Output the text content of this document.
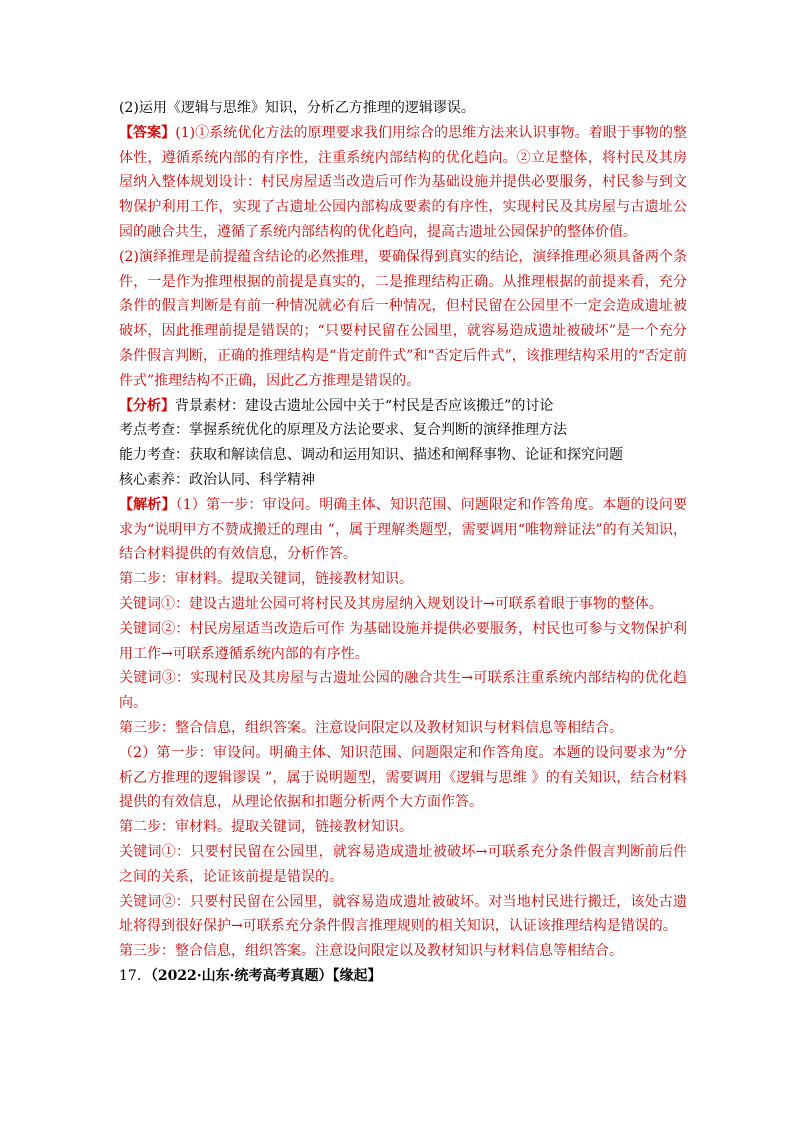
(2)运用《逻辑与思维》知识，分析乙方推理的逻辑谬误。

【答案】(1)①系统优化方法的原理要求我们用综合的思维方法来认识事物。着眼于事物的整体性，遵循系统内部的有序性，注重系统内部结构的优化趋向。②立足整体，将村民及其房屋纳入整体规划设计：村民房屋适当改造后可作为基础设施并提供必要服务，村民参与到文物保护利用工作，实现了古遗址公园内部构成要素的有序性，实现村民及其房屋与古遗址公园的融合共生，遵循了系统内部结构的优化趋向，提高古遗址公园保护的整体价值。

(2)演绎推理是前提蕴含结论的必然推理，要确保得到真实的结论，演绎推理必须具备两个条件，一是作为推理根据的前提是真实的，二是推理结构正确。从推理根据的前提来看，充分条件的假言判断是有前一种情况就必有后一种情况，但村民留在公园里不一定会造成遗址被破坏，因此推理前提是错误的；“只要村民留在公园里，就容易造成遗址被破坏”是一个充分条件假言判断，正确的推理结构是“肯定前件式”和“否定后件式”，该推理结构采用的“否定前件式”推理结构不正确，因此乙方推理是错误的。

【分析】背景素材：建设古遗址公园中关于“村民是否应该搬迁”的讨论

考点考查：掌握系统优化的原理及方法论要求、复合判断的演绎推理方法

能力考查：获取和解读信息、调动和运用知识、描述和阐释事物、论证和探究问题

核心素养：政治认同、科学精神

【解析】（1）第一步：审设问。明确主体、知识范围、问题限定和作答角度。本题的设问要求为“说明甲方不赞成搬迁的理由 ”，属于理解类题型，需要调用“唯物辩证法”的有关知识，结合材料提供的有效信息，分析作答。

第二步：审材料。提取关键词，链接教材知识。

关键词①：建设古遗址公园可将村民及其房屋纳入规划设计→可联系着眼于事物的整体。

关键词②：村民房屋适当改造后可作 为基础设施并提供必要服务，村民也可参与文物保护利用工作→可联系遵循系统内部的有序性。

关键词③：实现村民及其房屋与古遗址公园的融合共生→可联系注重系统内部结构的优化趋向。

第三步：整合信息，组织答案。注意设问限定以及教材知识与材料信息等相结合。

（2）第一步：审设问。明确主体、知识范围、问题限定和作答角度。本题的设问要求为“分析乙方推理的逻辑谬误 ”，属于说明题型，需要调用《逻辑与思维 》的有关知识，结合材料提供的有效信息，从理论依据和扣题分析两个大方面作答。

第二步：审材料。提取关键词，链接教材知识。

关键词①：只要村民留在公园里，就容易造成遗址被破坏→可联系充分条件假言判断前后件之间的关系，论证该前提是错误的。

关键词②：只要村民留在公园里，就容易造成遗址被破坏。对当地村民进行搬迁，该处古遗址将得到很好保护→可联系充分条件假言推理规则的相关知识，认证该推理结构是错误的。

第三步：整合信息，组织答案。注意设问限定以及教材知识与材料信息等相结合。

17．（2022·山东·统考高考真题）【缘起】
